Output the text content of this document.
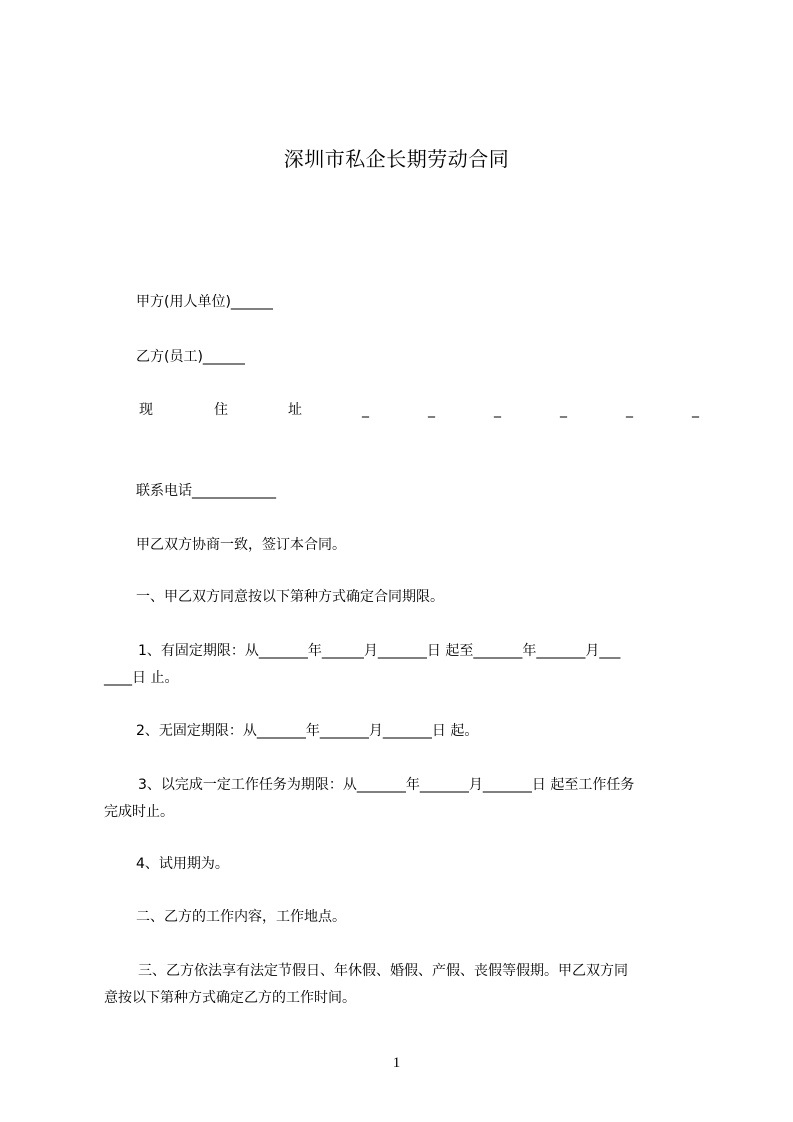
深圳市私企长期劳动合同
甲方(用人单位)______
乙方(员工)______
现	住	址	_	_	_	_	_	_
联系电话____________
甲乙双方协商一致，签订本合同。
一、甲乙双方同意按以下第种方式确定合同期限。
1、有固定期限：从_______年______月_______日 起至_______年_______月___
____日 止。
2、无固定期限：从_______年_______月_______日 起。
3、以完成一定工作任务为期限：从_______年_______月_______日 起至工作任务
完成时止。
4、试用期为。
二、乙方的工作内容，工作地点。
三、乙方依法享有法定节假日、年休假、婚假、产假、丧假等假期。甲乙双方同
意按以下第种方式确定乙方的工作时间。
1
